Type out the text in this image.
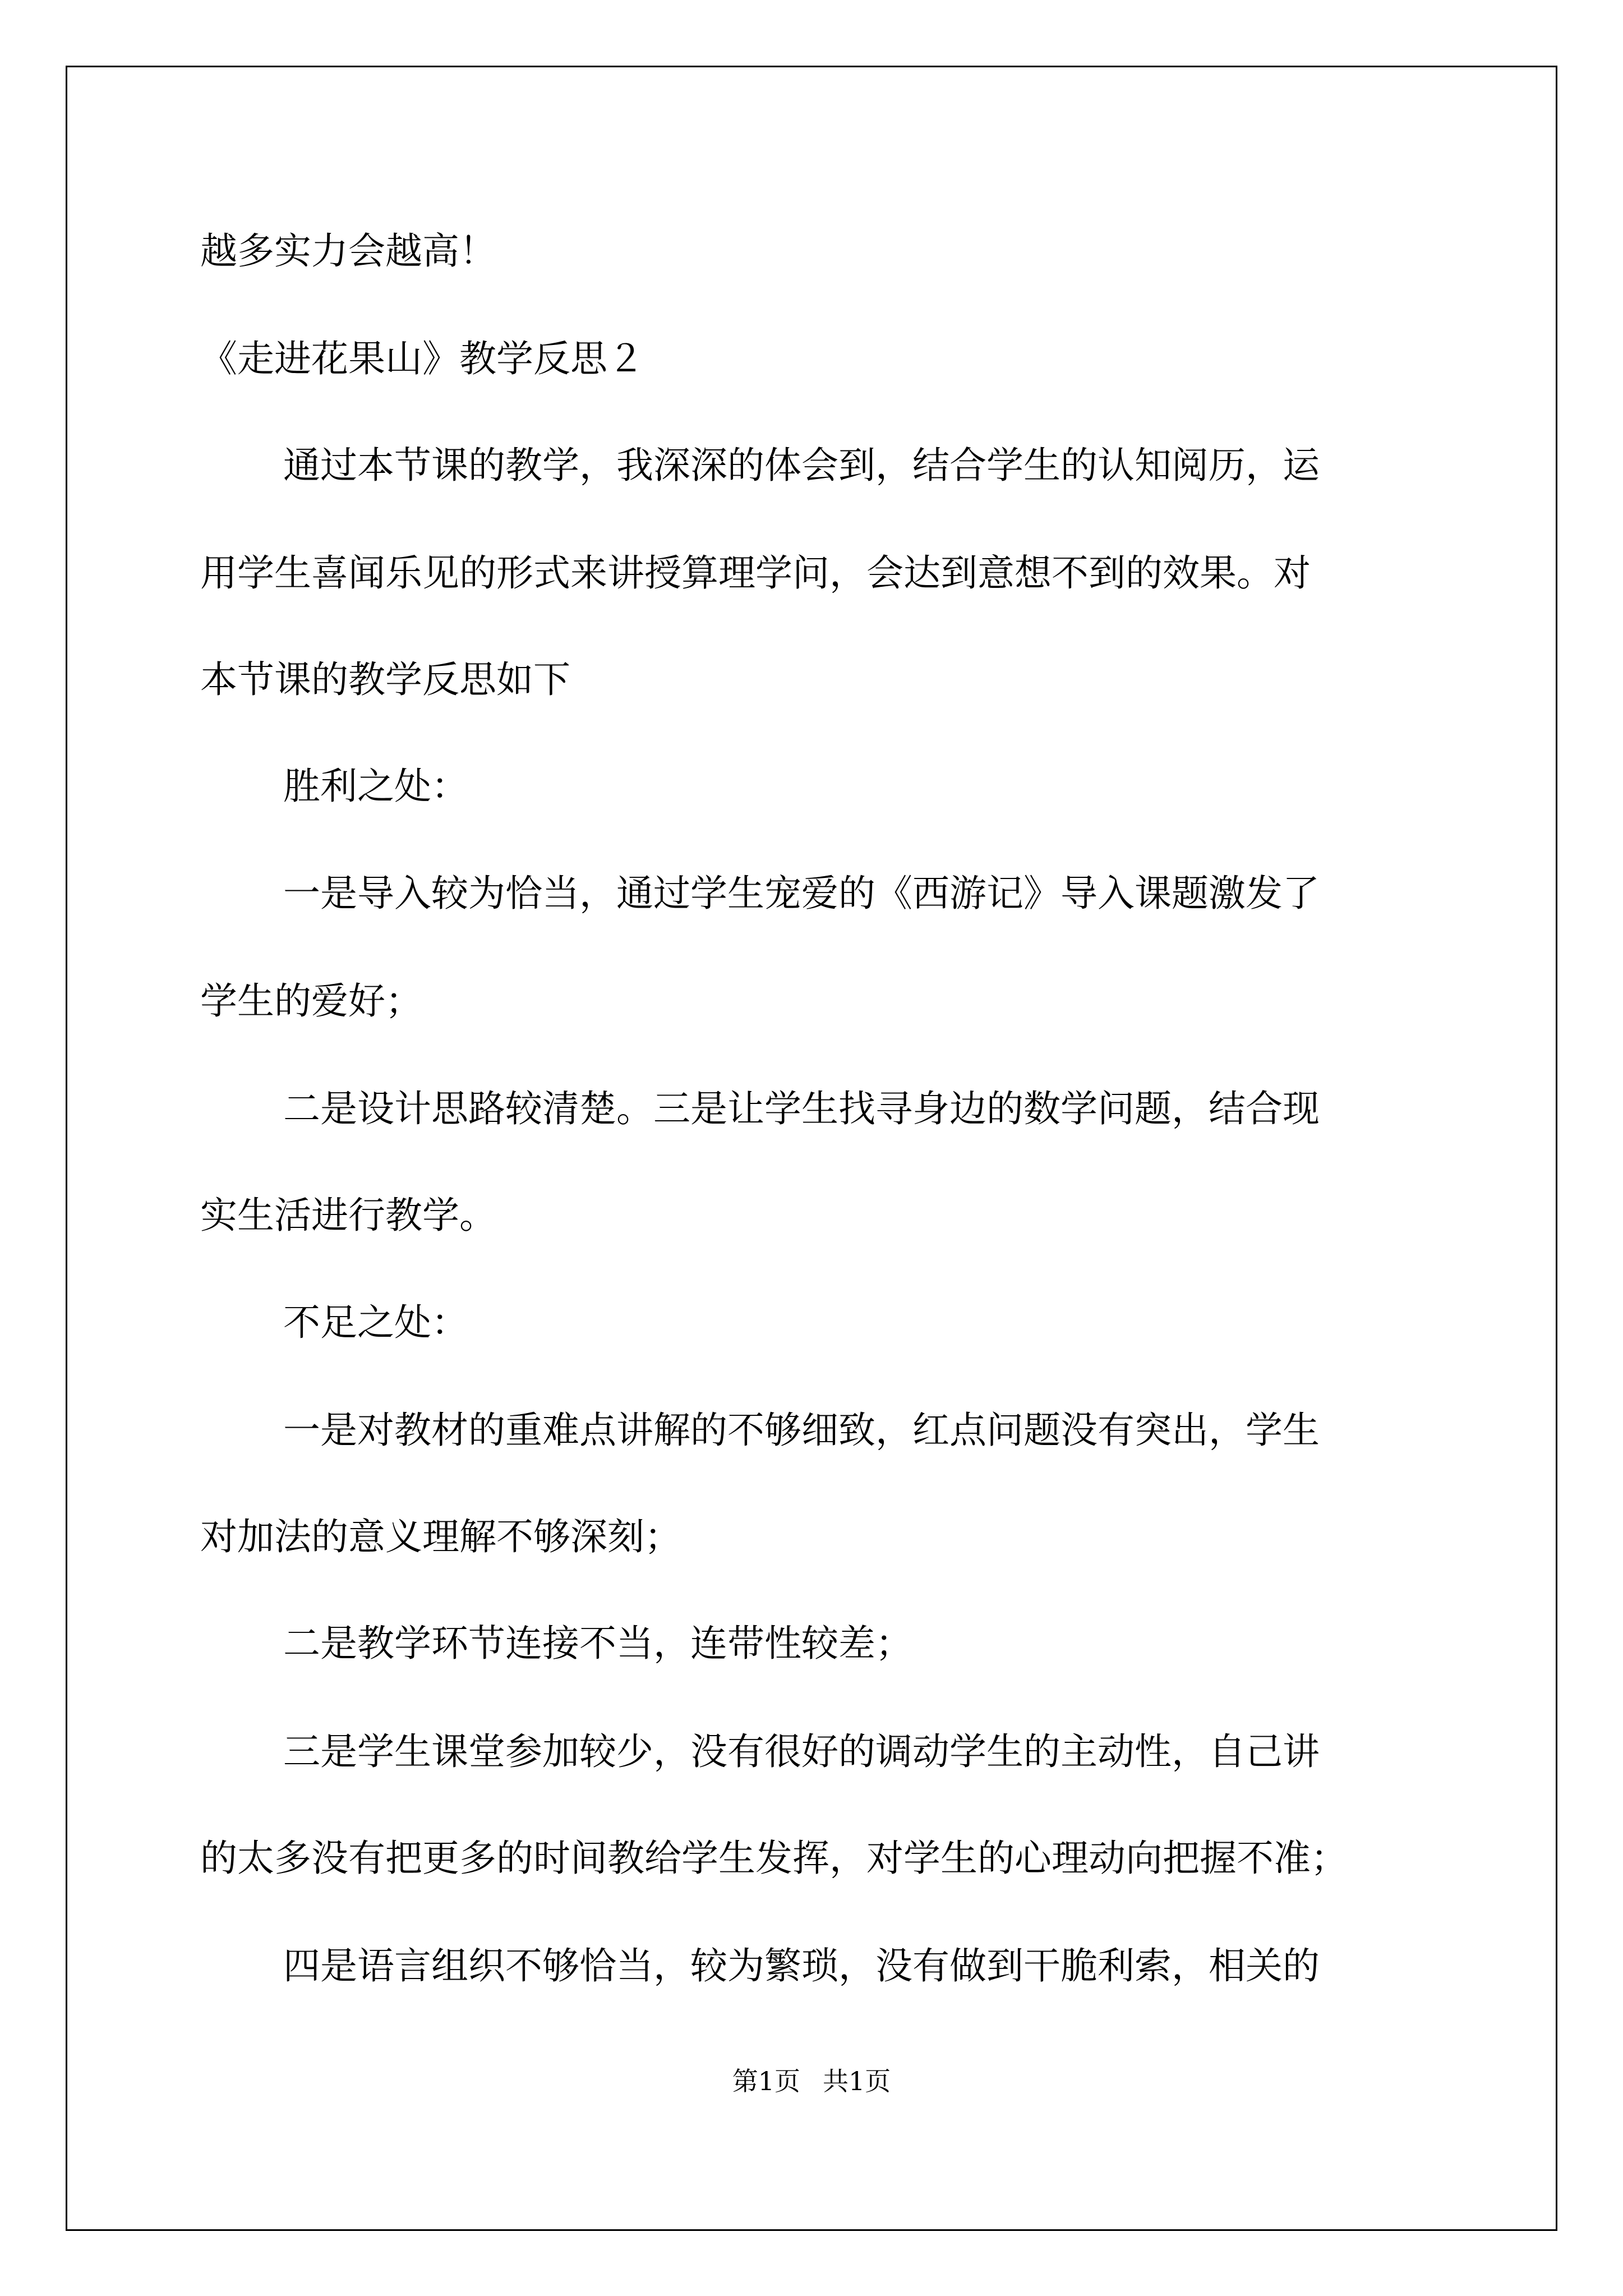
越多实力会越高！
《走进花果山》教学反思２
通过本节课的教学，我深深的体会到，结合学生的认知阅历，运
用学生喜闻乐见的形式来讲授算理学问，会达到意想不到的效果。对
本节课的教学反思如下
胜利之处：
一是导入较为恰当，通过学生宠爱的《西游记》导入课题激发了
学生的爱好；
二是设计思路较清楚。三是让学生找寻身边的数学问题，结合现
实生活进行教学。
不足之处：
一是对教材的重难点讲解的不够细致，红点问题没有突出，学生
对加法的意义理解不够深刻；
二是教学环节连接不当，连带性较差；
三是学生课堂参加较少，没有很好的调动学生的主动性，自己讲
的太多没有把更多的时间教给学生发挥，对学生的心理动向把握不准；
四是语言组织不够恰当，较为繁琐，没有做到干脆利索，相关的
第1页 共1页
